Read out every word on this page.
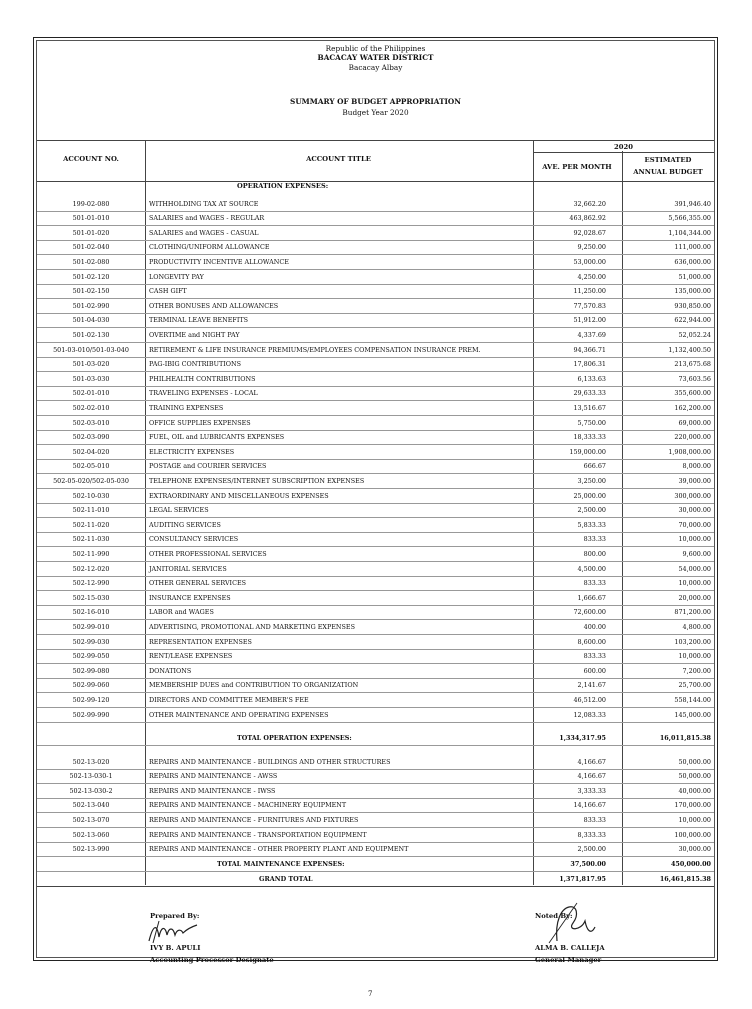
Republic of the Philippines
BACACAY WATER DISTRICT
Bacacay Albay
SUMMARY OF BUDGET APPROPRIATION
Budget Year 2020
ACCOUNT NO.	ACCOUNT TITLE
2020
AVE. PER MONTH
ESTIMATED
ANNUAL BUDGET
OPERATION EXPENSES:
199-02-080	WITHHOLDING TAX AT SOURCE	32,662.20	391,946.40
501-01-010	SALARIES and WAGES - REGULAR	463,862.92	5,566,355.00
501-01-020	SALARIES and WAGES - CASUAL	92,028.67	1,104,344.00
501-02-040	CLOTHING/UNIFORM ALLOWANCE	9,250.00	111,000.00
501-02-080	PRODUCTIVITY INCENTIVE ALLOWANCE	53,000.00	636,000.00
501-02-120	LONGEVITY PAY	4,250.00	51,000.00
501-02-150	CASH GIFT	11,250.00	135,000.00
501-02-990	OTHER BONUSES AND ALLOWANCES	77,570.83	930,850.00
501-04-030	TERMINAL LEAVE BENEFITS	51,912.00	622,944.00
501-02-130	OVERTIME and NIGHT PAY	4,337.69	52,052.24
501-03-010/501-03-040	RETIREMENT & LIFE INSURANCE PREMIUMS/EMPLOYEES COMPENSATION INSURANCE PREM.	94,366.71	1,132,400.50
501-03-020	PAG-IBIG CONTRIBUTIONS	17,806.31	213,675.68
501-03-030	PHILHEALTH CONTRIBUTIONS	6,133.63	73,603.56
502-01-010	TRAVELING EXPENSES - LOCAL	29,633.33	355,600.00
502-02-010	TRAINING EXPENSES	13,516.67	162,200.00
502-03-010	OFFICE SUPPLIES EXPENSES	5,750.00	69,000.00
502-03-090	FUEL, OIL and LUBRICANTS EXPENSES	18,333.33	220,000.00
502-04-020	ELECTRICITY EXPENSES	159,000.00	1,908,000.00
502-05-010	POSTAGE and COURIER SERVICES	666.67	8,000.00
502-05-020/502-05-030	TELEPHONE EXPENSES/INTERNET SUBSCRIPTION EXPENSES	3,250.00	39,000.00
502-10-030	EXTRAORDINARY AND MISCELLANEOUS EXPENSES	25,000.00	300,000.00
502-11-010	LEGAL SERVICES	2,500.00	30,000.00
502-11-020	AUDITING SERVICES	5,833.33	70,000.00
502-11-030	CONSULTANCY SERVICES	833.33	10,000.00
502-11-990	OTHER PROFESSIONAL SERVICES	800.00	9,600.00
502-12-020	JANITORIAL SERVICES	4,500.00	54,000.00
502-12-990	OTHER GENERAL SERVICES	833.33	10,000.00
502-15-030	INSURANCE EXPENSES	1,666.67	20,000.00
502-16-010	LABOR and WAGES	72,600.00	871,200.00
502-99-010	ADVERTISING, PROMOTIONAL AND MARKETING EXPENSES	400.00	4,800.00
502-99-030	REPRESENTATION EXPENSES	8,600.00	103,200.00
502-99-050	RENT/LEASE EXPENSES	833.33	10,000.00
502-99-080	DONATIONS	600.00	7,200.00
502-99-060	MEMBERSHIP DUES and CONTRIBUTION TO ORGANIZATION	2,141.67	25,700.00
502-99-120	DIRECTORS AND COMMITTEE MEMBER'S FEE	46,512.00	558,144.00
502-99-990	OTHER MAINTENANCE AND OPERATING EXPENSES	12,083.33	145,000.00
TOTAL OPERATION EXPENSES:	1,334,317.95	16,011,815.38
502-13-020	REPAIRS AND MAINTENANCE - BUILDINGS AND OTHER STRUCTURES	4,166.67	50,000.00
502-13-030-1	REPAIRS AND MAINTENANCE - AWSS	4,166.67	50,000.00
502-13-030-2	REPAIRS AND MAINTENANCE - IWSS	3,333.33	40,000.00
502-13-040	REPAIRS AND MAINTENANCE - MACHINERY EQUIPMENT	14,166.67	170,000.00
502-13-070	REPAIRS AND MAINTENANCE - FURNITURES AND FIXTURES	833.33	10,000.00
502-13-060	REPAIRS AND MAINTENANCE - TRANSPORTATION EQUIPMENT	8,333.33	100,000.00
502-13-990	REPAIRS AND MAINTENANCE - OTHER PROPERTY PLANT AND EQUIPMENT	2,500.00	30,000.00
TOTAL MAINTENANCE EXPENSES:	37,500.00	450,000.00
GRAND TOTAL	1,371,817.95	16,461,815.38
Prepared By:
IVY B. APULI
Accounting Processor Designate
Noted By:
ALMA B. CALLEJA
General Manager
7
